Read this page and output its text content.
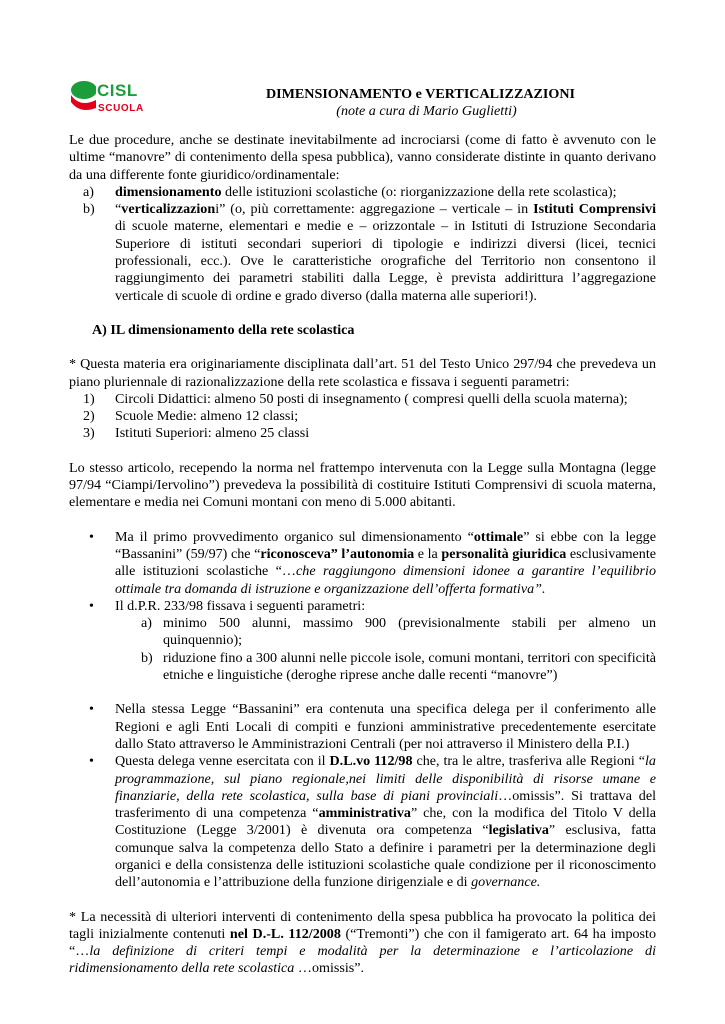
CISL
SCUOLA
DIMENSIONAMENTO e VERTICALIZZAZIONI
(note a cura di Mario Guglietti)

Le due procedure, anche se destinate inevitabilmente ad incrociarsi (come di fatto è avvenuto con le ultime “manovre” di contenimento della spesa pubblica), vanno considerate distinte in quanto derivano da una differente fonte giuridico/ordinamentale:

a) dimensionamento delle istituzioni scolastiche (o: riorganizzazione della rete scolastica);
b) “verticalizzazioni” (o, più correttamente: aggregazione – verticale – in Istituti Comprensivi di scuole materne, elementari e medie e – orizzontale – in Istituti di Istruzione Secondaria Superiore di istituti secondari superiori di tipologie e indirizzi diversi (licei, tecnici professionali, ecc.). Ove le caratteristiche orografiche del Territorio non consentono il raggiungimento dei parametri stabiliti dalla Legge, è prevista addirittura l’aggregazione verticale di scuole di ordine e grado diverso (dalla materna alle superiori!).
A) IL dimensionamento della rete scolastica

* Questa materia era originariamente disciplinata dall’art. 51 del Testo Unico 297/94 che prevedeva un piano pluriennale di razionalizzazione della rete scolastica e fissava i seguenti parametri:

1) Circoli Didattici: almeno 50 posti di insegnamento ( compresi quelli della scuola materna);
2) Scuole Medie: almeno 12 classi;
3) Istituti Superiori: almeno 25 classi

Lo stesso articolo, recependo la norma nel frattempo intervenuta con la Legge sulla Montagna (legge 97/94 “Ciampi/Iervolino”) prevedeva la possibilità di costituire Istituti Comprensivi di scuola materna, elementare e media nei Comuni montani con meno di 5.000 abitanti.

• Ma il primo provvedimento organico sul dimensionamento “ottimale” si ebbe con la legge “Bassanini” (59/97) che “riconosceva” l’autonomia e la personalità giuridica esclusivamente alle istituzioni scolastiche “…che raggiungono dimensioni idonee a garantire l’equilibrio ottimale tra domanda di istruzione e organizzazione dell’offerta formativa”.
• Il d.P.R. 233/98 fissava i seguenti parametri:
a) minimo 500 alunni, massimo 900 (previsionalmente stabili per almeno un quinquennio);
b) riduzione fino a 300 alunni nelle piccole isole, comuni montani, territori con specificità etniche e linguistiche (deroghe riprese anche dalle recenti “manovre”)
• Nella stessa Legge “Bassanini” era contenuta una specifica delega per il conferimento alle Regioni e agli Enti Locali di compiti e funzioni amministrative precedentemente esercitate dallo Stato attraverso le Amministrazioni Centrali (per noi attraverso il Ministero della P.I.)
• Questa delega venne esercitata con il D.L.vo 112/98 che, tra le altre, trasferiva alle Regioni “la programmazione, sul piano regionale,nei limiti delle disponibilità di risorse umane e finanziarie, della rete scolastica, sulla base di piani provinciali…omissis”. Si trattava del trasferimento di una competenza “amministrativa” che, con la modifica del Titolo V della Costituzione (Legge 3/2001) è divenuta ora competenza “legislativa” esclusiva, fatta comunque salva la competenza dello Stato a definire i parametri per la determinazione degli organici e della consistenza delle istituzioni scolastiche quale condizione per il riconoscimento dell’autonomia e l’attribuzione della funzione dirigenziale e di governance.

* La necessità di ulteriori interventi di contenimento della spesa pubblica ha provocato la politica dei tagli inizialmente contenuti nel D.-L. 112/2008 (“Tremonti”) che con il famigerato art. 64 ha imposto “…la definizione di criteri tempi e modalità per la determinazione e l’articolazione di ridimensionamento della rete scolastica …omissis”.
